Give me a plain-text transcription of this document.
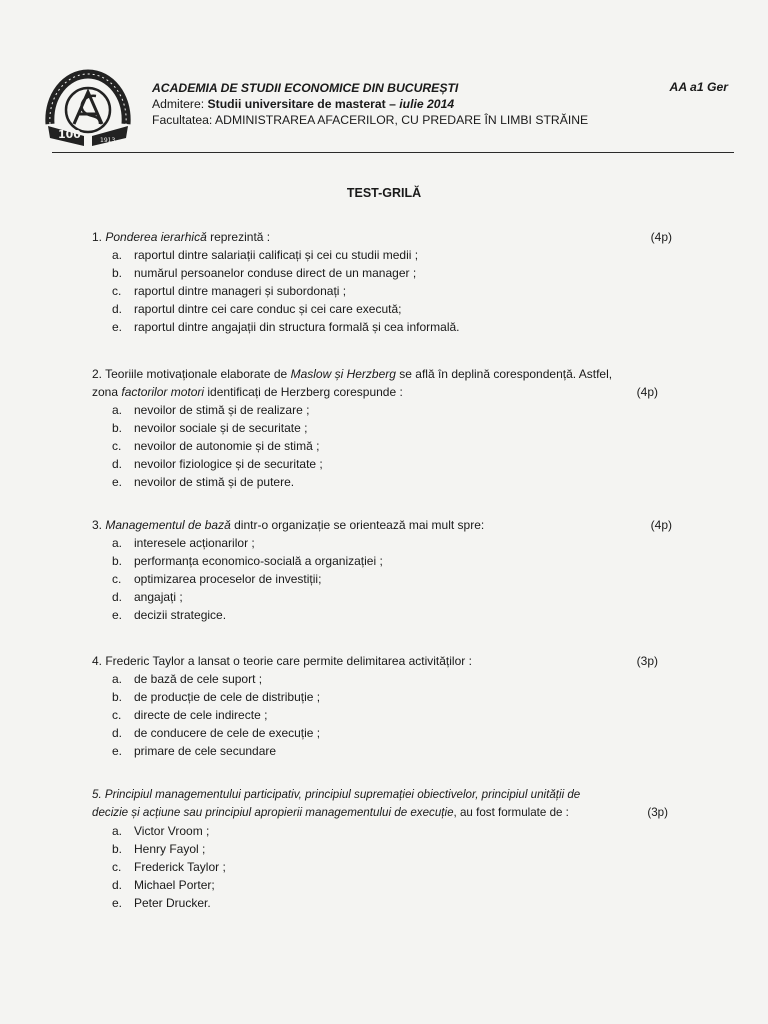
100	1913
ACADEMIA DE STUDII ECONOMICE DIN BUCUREȘTI
Admitere: Studii universitare de masterat – iulie 2014
Facultatea: ADMINISTRAREA AFACERILOR, CU PREDARE ÎN LIMBI STRĂINE
AA a1 Ger
TEST-GRILĂ
1. Ponderea ierarhică reprezintă :	(4p)
a. raportul dintre salariații calificați și cei cu studii medii ;
b. numărul persoanelor conduse direct de un manager ;
c. raportul dintre manageri și subordonați ;
d. raportul dintre cei care conduc și cei care execută;
e. raportul dintre angajații din structura formală și cea informală.
2. Teoriile motivaționale elaborate de Maslow și Herzberg se află în deplină corespondență. Astfel,
zona factorilor motori identificați de Herzberg corespunde :	(4p)
a. nevoilor de stimă și de realizare ;
b. nevoilor sociale și de securitate ;
c. nevoilor de autonomie și de stimă ;
d. nevoilor fiziologice și de securitate ;
e. nevoilor de stimă și de putere.
3. Managementul de bază dintr-o organizație se orientează mai mult spre:	(4p)
a. interesele acționarilor ;
b. performanța economico-socială a organizației ;
c. optimizarea proceselor de investiții;
d. angajați ;
e. decizii strategice.
4. Frederic Taylor a lansat o teorie care permite delimitarea activităților :	(3p)
a. de bază de cele suport ;
b. de producție de cele de distribuție ;
c. directe de cele indirecte ;
d. de conducere de cele de execuție ;
e. primare de cele secundare
5. Principiul managementului participativ, principiul supremației obiectivelor, principiul unității de
decizie și acțiune sau principiul apropierii managementului de execuție, au fost formulate de :	(3p)
a. Victor Vroom ;
b. Henry Fayol ;
c. Frederick Taylor ;
d. Michael Porter;
e. Peter Drucker.
